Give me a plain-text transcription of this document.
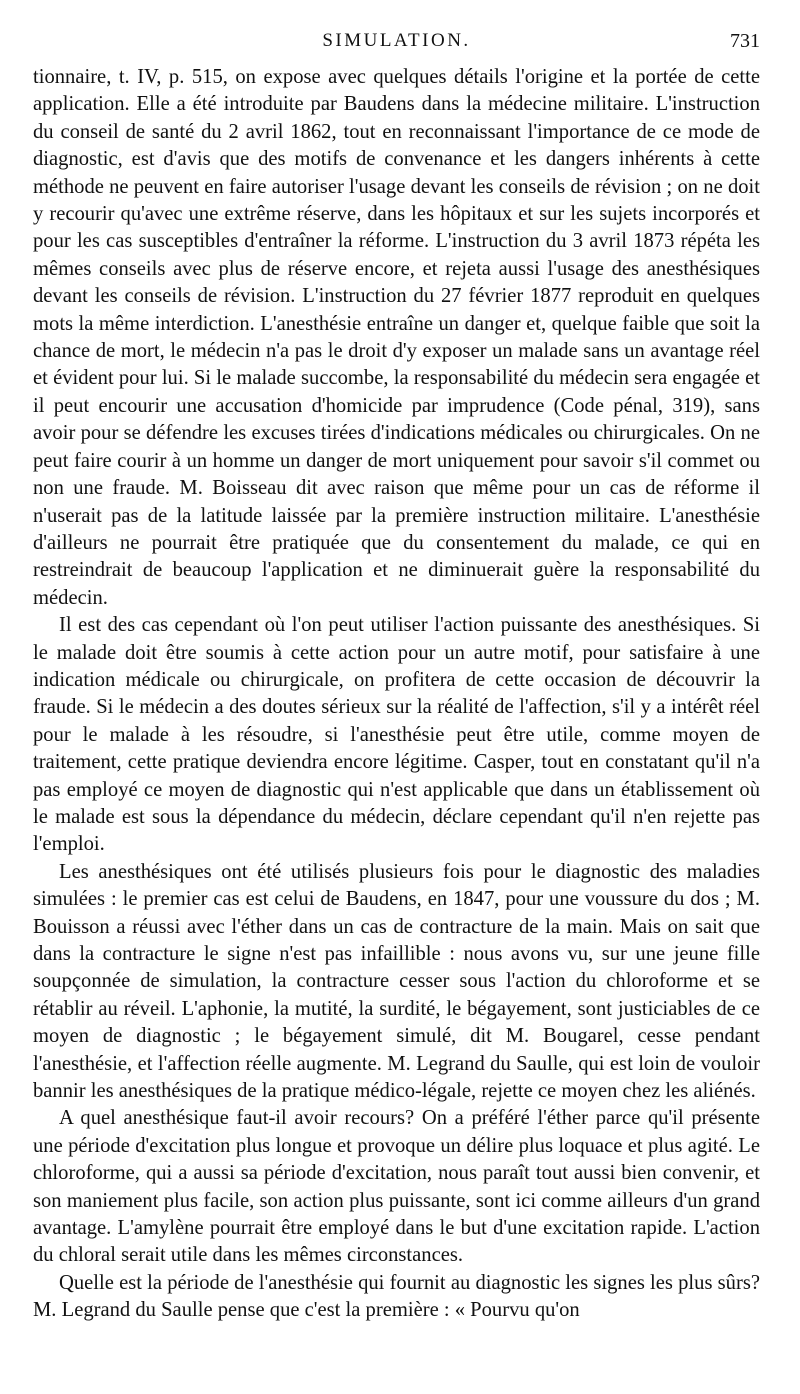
SIMULATION.	731

tionnaire, t. IV, p. 515, on expose avec quelques détails l'origine et la portée de cette application. Elle a été introduite par Baudens dans la médecine militaire. L'instruction du conseil de santé du 2 avril 1862, tout en reconnaissant l'importance de ce mode de diagnostic, est d'avis que des motifs de convenance et les dangers inhérents à cette méthode ne peuvent en faire autoriser l'usage devant les conseils de révision ; on ne doit y recourir qu'avec une extrême réserve, dans les hôpitaux et sur les sujets incorporés et pour les cas susceptibles d'entraîner la réforme. L'instruction du 3 avril 1873 répéta les mêmes conseils avec plus de réserve encore, et rejeta aussi l'usage des anesthésiques devant les conseils de révision. L'instruction du 27 février 1877 reproduit en quelques mots la même interdiction. L'anesthésie entraîne un danger et, quelque faible que soit la chance de mort, le médecin n'a pas le droit d'y exposer un malade sans un avantage réel et évident pour lui. Si le malade succombe, la responsabilité du médecin sera engagée et il peut encourir une accusation d'homicide par imprudence (Code pénal, 319), sans avoir pour se défendre les excuses tirées d'indications médicales ou chirurgicales. On ne peut faire courir à un homme un danger de mort uniquement pour savoir s'il commet ou non une fraude. M. Boisseau dit avec raison que même pour un cas de réforme il n'userait pas de la latitude laissée par la première instruction militaire. L'anesthésie d'ailleurs ne pourrait être pratiquée que du consentement du malade, ce qui en restreindrait de beaucoup l'application et ne diminuerait guère la responsabilité du médecin.

Il est des cas cependant où l'on peut utiliser l'action puissante des anesthésiques. Si le malade doit être soumis à cette action pour un autre motif, pour satisfaire à une indication médicale ou chirurgicale, on profitera de cette occasion de découvrir la fraude. Si le médecin a des doutes sérieux sur la réalité de l'affection, s'il y a intérêt réel pour le malade à les résoudre, si l'anesthésie peut être utile, comme moyen de traitement, cette pratique deviendra encore légitime. Casper, tout en constatant qu'il n'a pas employé ce moyen de diagnostic qui n'est applicable que dans un établissement où le malade est sous la dépendance du médecin, déclare cependant qu'il n'en rejette pas l'emploi.

Les anesthésiques ont été utilisés plusieurs fois pour le diagnostic des maladies simulées : le premier cas est celui de Baudens, en 1847, pour une voussure du dos ; M. Bouisson a réussi avec l'éther dans un cas de contracture de la main. Mais on sait que dans la contracture le signe n'est pas infaillible : nous avons vu, sur une jeune fille soupçonnée de simulation, la contracture cesser sous l'action du chloroforme et se rétablir au réveil. L'aphonie, la mutité, la surdité, le bégayement, sont justiciables de ce moyen de diagnostic ; le bégayement simulé, dit M. Bougarel, cesse pendant l'anesthésie, et l'affection réelle augmente. M. Legrand du Saulle, qui est loin de vouloir bannir les anesthésiques de la pratique médico-légale, rejette ce moyen chez les aliénés.

A quel anesthésique faut-il avoir recours? On a préféré l'éther parce qu'il présente une période d'excitation plus longue et provoque un délire plus loquace et plus agité. Le chloroforme, qui a aussi sa période d'excitation, nous paraît tout aussi bien convenir, et son maniement plus facile, son action plus puissante, sont ici comme ailleurs d'un grand avantage. L'amylène pourrait être employé dans le but d'une excitation rapide. L'action du chloral serait utile dans les mêmes circonstances.

Quelle est la période de l'anesthésie qui fournit au diagnostic les signes les plus sûrs? M. Legrand du Saulle pense que c'est la première : « Pourvu qu'on
